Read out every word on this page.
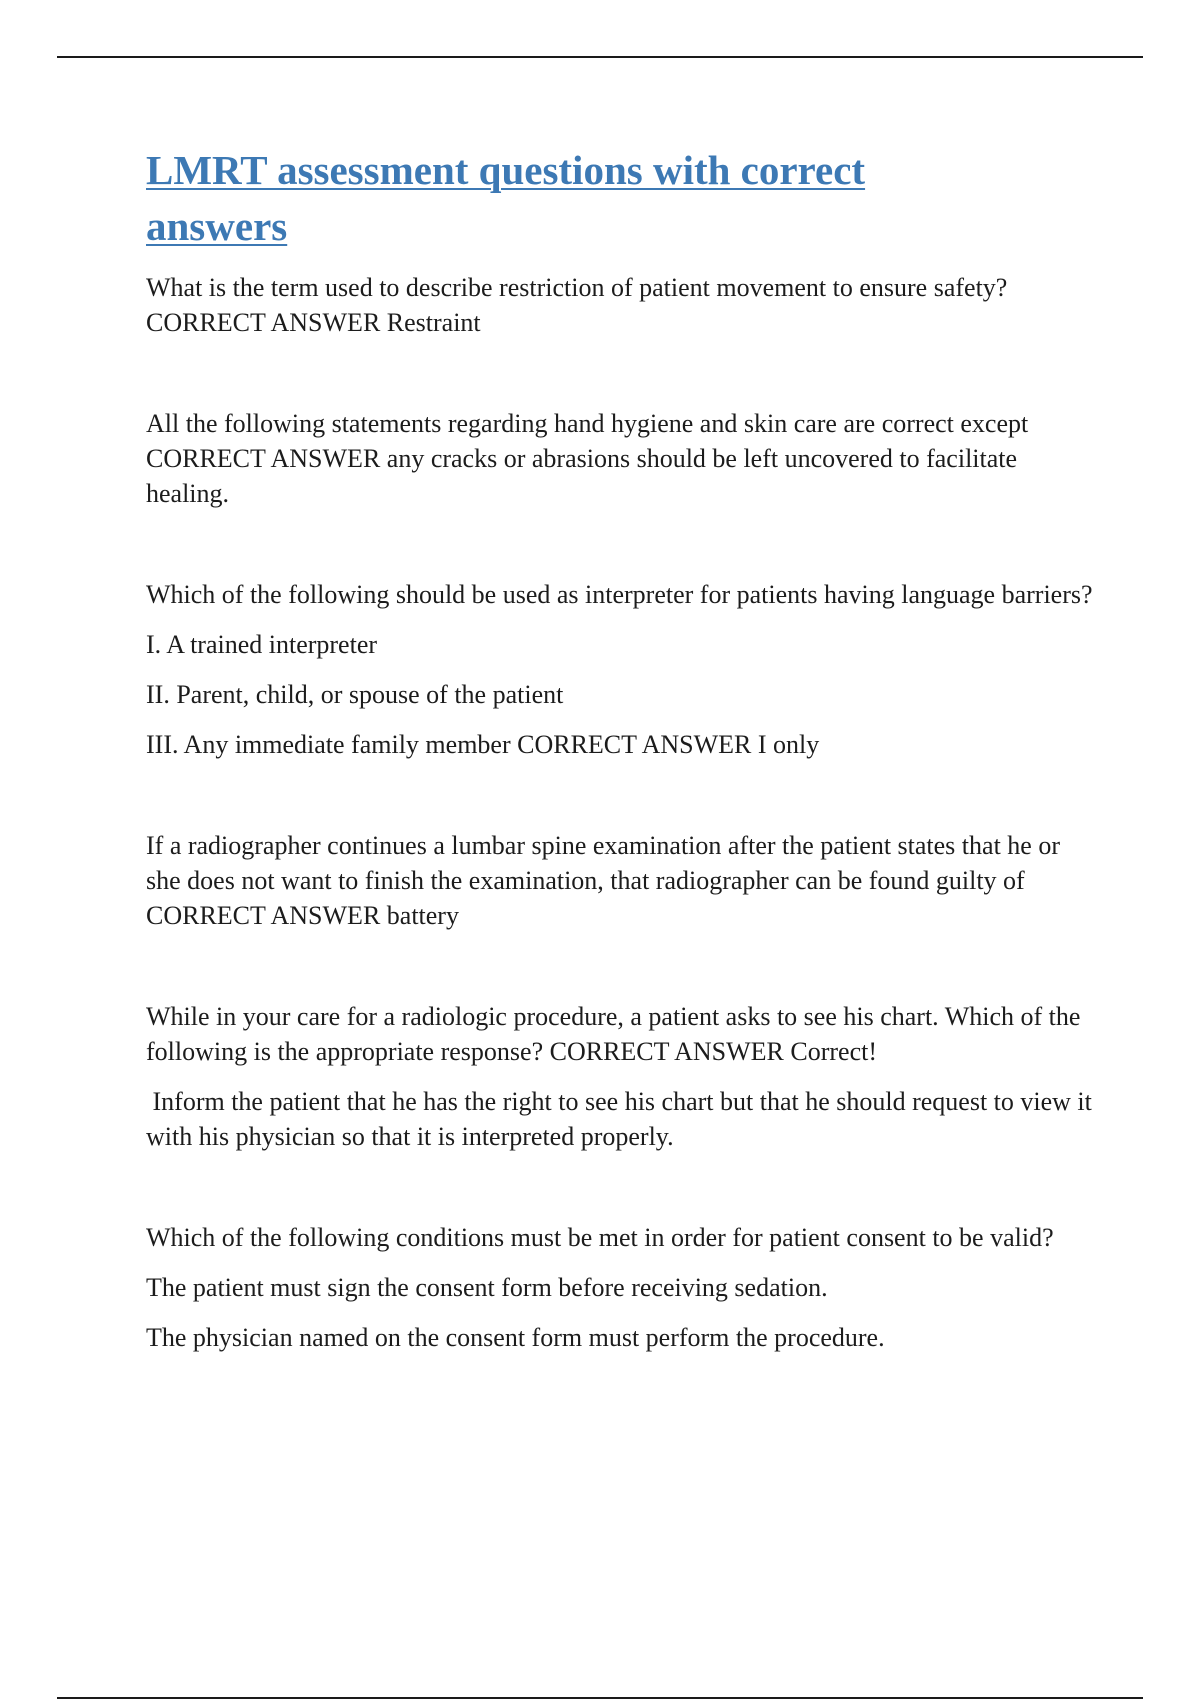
LMRT assessment questions with correct answers

What is the term used to describe restriction of patient movement to ensure safety? CORRECT ANSWER Restraint

All the following statements regarding hand hygiene and skin care are correct except CORRECT ANSWER any cracks or abrasions should be left uncovered to facilitate healing.

Which of the following should be used as interpreter for patients having language barriers?

I. A trained interpreter

II. Parent, child, or spouse of the patient

III. Any immediate family member CORRECT ANSWER I only

If a radiographer continues a lumbar spine examination after the patient states that he or she does not want to finish the examination, that radiographer can be found guilty of CORRECT ANSWER battery

While in your care for a radiologic procedure, a patient asks to see his chart. Which of the following is the appropriate response? CORRECT ANSWER Correct!

Inform the patient that he has the right to see his chart but that he should request to view it with his physician so that it is interpreted properly.

Which of the following conditions must be met in order for patient consent to be valid?

The patient must sign the consent form before receiving sedation.

The physician named on the consent form must perform the procedure.
